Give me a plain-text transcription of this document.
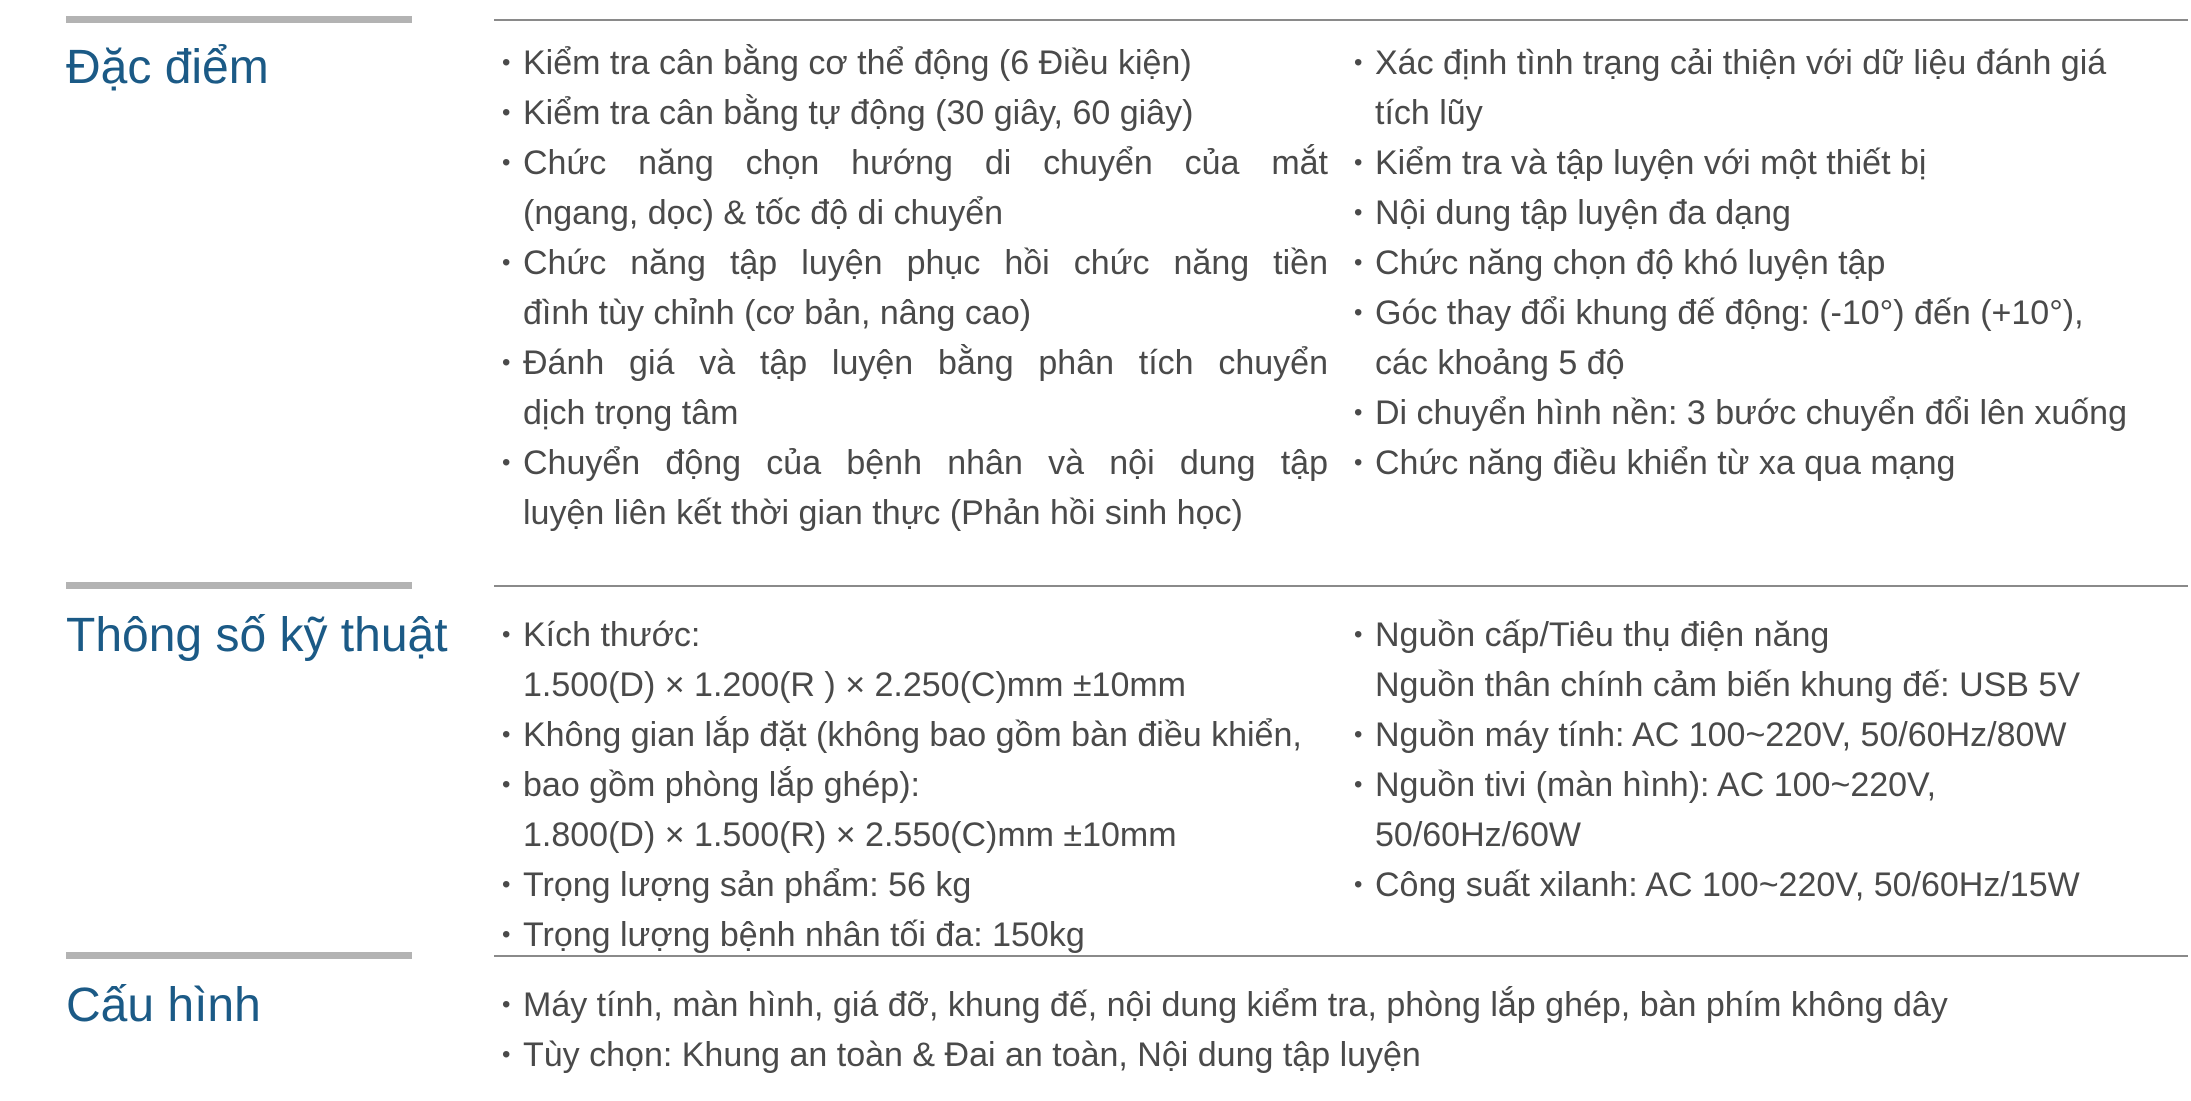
Đặc điểm	• Kiểm tra cân bằng cơ thể động (6 Điều kiện)
• Kiểm tra cân bằng tự động (30 giây, 60 giây)
• Chức năng chọn hướng di chuyển của mắt
(ngang, dọc) & tốc độ di chuyển
• Chức năng tập luyện phục hồi chức năng tiền
đình tùy chỉnh (cơ bản, nâng cao)
• Đánh giá và tập luyện bằng phân tích chuyển
dịch trọng tâm
• Chuyển động của bệnh nhân và nội dung tập
luyện liên kết thời gian thực (Phản hồi sinh học)
• Xác định tình trạng cải thiện với dữ liệu đánh giá
tích lũy
• Kiểm tra và tập luyện với một thiết bị
• Nội dung tập luyện đa dạng
• Chức năng chọn độ khó luyện tập
• Góc thay đổi khung đế động: (-10°) đến (+10°),
các khoảng 5 độ
• Di chuyển hình nền: 3 bước chuyển đổi lên xuống
• Chức năng điều khiển từ xa qua mạng
Thông số kỹ thuật	• Kích thước:
1.500(D) × 1.200(R ) × 2.250(C)mm ±10mm
• Không gian lắp đặt (không bao gồm bàn điều khiển,
• bao gồm phòng lắp ghép):
1.800(D) × 1.500(R) × 2.550(C)mm ±10mm
• Trọng lượng sản phẩm: 56 kg
• Trọng lượng bệnh nhân tối đa: 150kg
• Nguồn cấp/Tiêu thụ điện năng
Nguồn thân chính cảm biến khung đế: USB 5V
• Nguồn máy tính: AC 100~220V, 50/60Hz/80W
• Nguồn tivi (màn hình): AC 100~220V,
50/60Hz/60W
• Công suất xilanh: AC 100~220V, 50/60Hz/15W
Cấu hình	• Máy tính, màn hình, giá đỡ, khung đế, nội dung kiểm tra, phòng lắp ghép, bàn phím không dây
• Tùy chọn: Khung an toàn & Đai an toàn, Nội dung tập luyện
